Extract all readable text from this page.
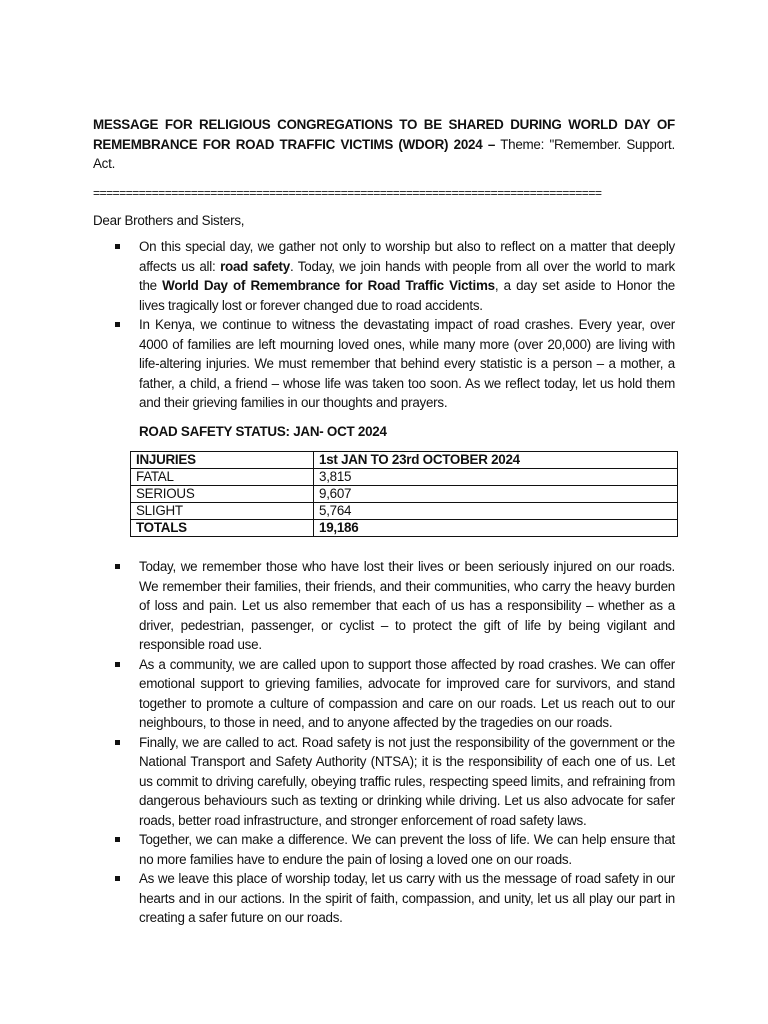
MESSAGE FOR RELIGIOUS CONGREGATIONS TO BE SHARED DURING WORLD DAY OF REMEMBRANCE FOR ROAD TRAFFIC VICTIMS (WDOR) 2024 – Theme: "Remember. Support. Act.

==============================================================================
Dear Brothers and Sisters,
On this special day, we gather not only to worship but also to reflect on a matter that deeply affects us all: road safety. Today, we join hands with people from all over the world to mark the World Day of Remembrance for Road Traffic Victims, a day set aside to Honor the lives tragically lost or forever changed due to road accidents.
In Kenya, we continue to witness the devastating impact of road crashes. Every year, over 4000 of families are left mourning loved ones, while many more (over 20,000) are living with life-altering injuries. We must remember that behind every statistic is a person – a mother, a father, a child, a friend – whose life was taken too soon. As we reflect today, let us hold them and their grieving families in our thoughts and prayers.
ROAD SAFETY STATUS: JAN- OCT 2024
INJURIES	1st JAN TO 23rd OCTOBER 2024
FATAL	3,815
SERIOUS	9,607
SLIGHT	5,764
TOTALS	19,186
Today, we remember those who have lost their lives or been seriously injured on our roads. We remember their families, their friends, and their communities, who carry the heavy burden of loss and pain. Let us also remember that each of us has a responsibility – whether as a driver, pedestrian, passenger, or cyclist – to protect the gift of life by being vigilant and responsible road use.
As a community, we are called upon to support those affected by road crashes. We can offer emotional support to grieving families, advocate for improved care for survivors, and stand together to promote a culture of compassion and care on our roads. Let us reach out to our neighbours, to those in need, and to anyone affected by the tragedies on our roads.
Finally, we are called to act. Road safety is not just the responsibility of the government or the National Transport and Safety Authority (NTSA); it is the responsibility of each one of us. Let us commit to driving carefully, obeying traffic rules, respecting speed limits, and refraining from dangerous behaviours such as texting or drinking while driving. Let us also advocate for safer roads, better road infrastructure, and stronger enforcement of road safety laws.
Together, we can make a difference. We can prevent the loss of life. We can help ensure that no more families have to endure the pain of losing a loved one on our roads.
As we leave this place of worship today, let us carry with us the message of road safety in our hearts and in our actions. In the spirit of faith, compassion, and unity, let us all play our part in creating a safer future on our roads.
